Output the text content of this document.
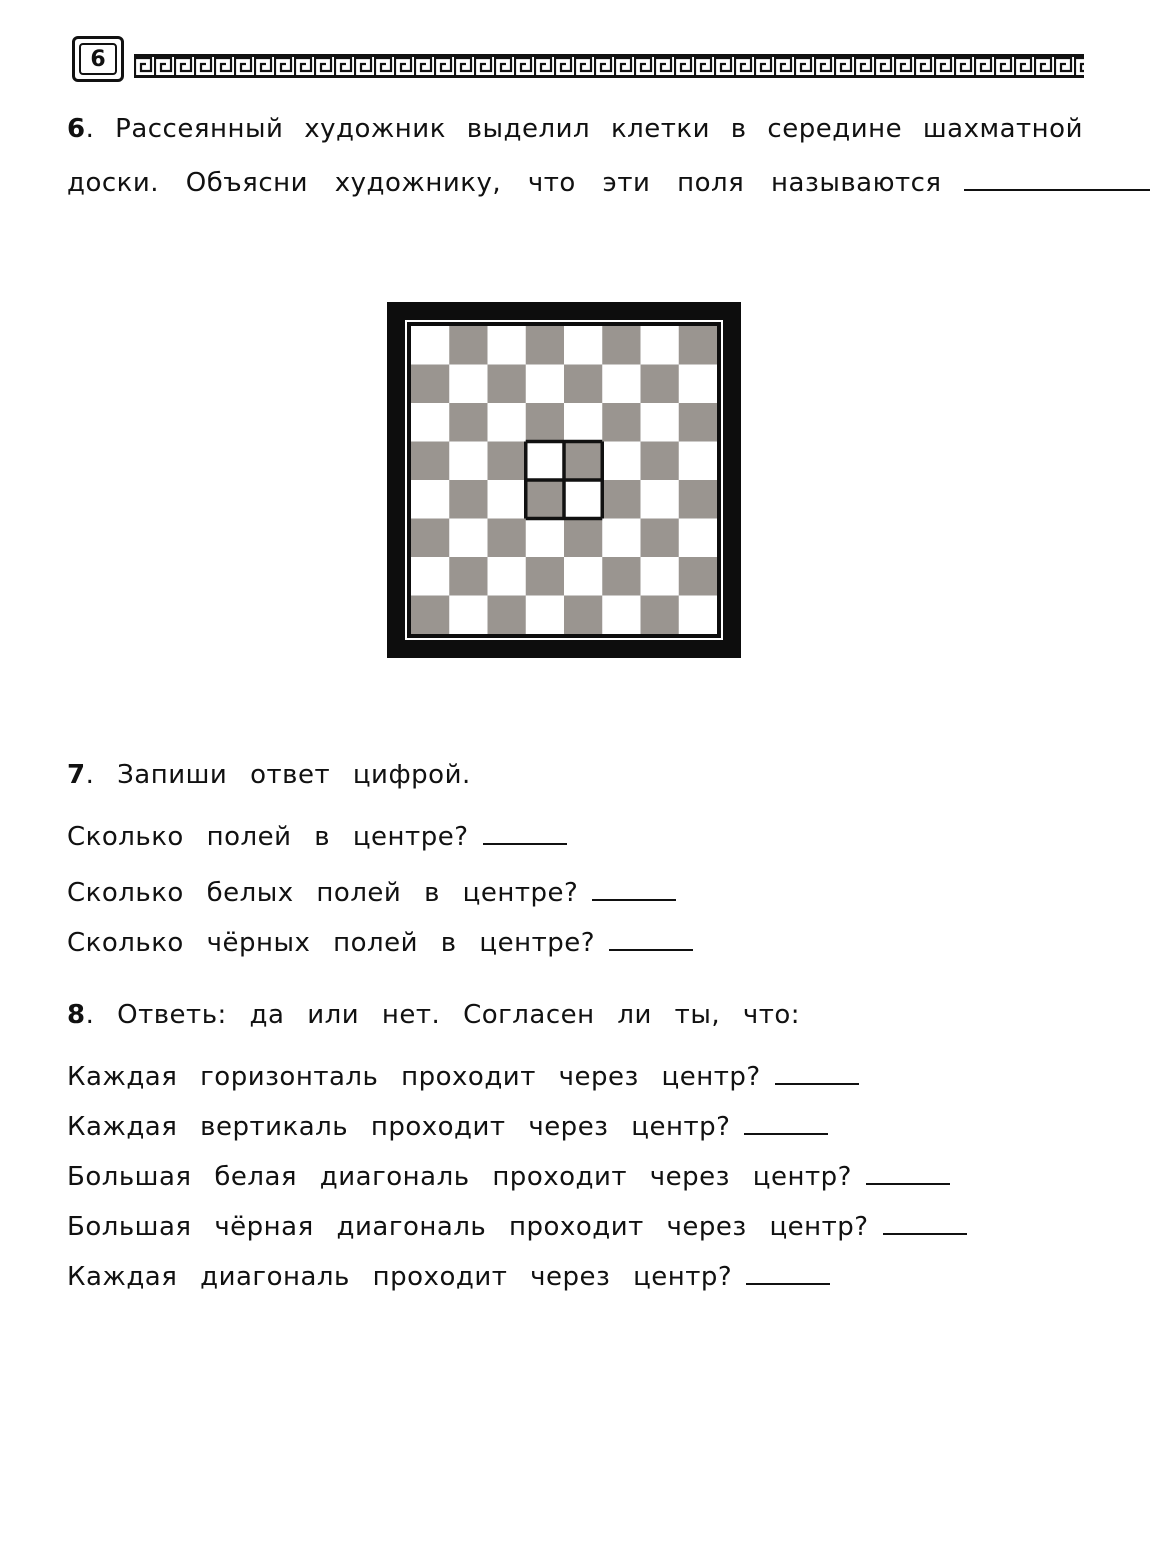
6
6. Рассеянный художник выделил клетки в середине шахматной
доски. Объясни художнику, что эти поля называются
7. Запиши ответ цифрой.
Сколько полей в центре?
Сколько белых полей в центре?
Сколько чёрных полей в центре?
8. Ответь: да или нет. Согласен ли ты, что:
Каждая горизонталь проходит через центр?
Каждая вертикаль проходит через центр?
Большая белая диагональ проходит через центр?
Большая чёрная диагональ проходит через центр?
Каждая диагональ проходит через центр?
